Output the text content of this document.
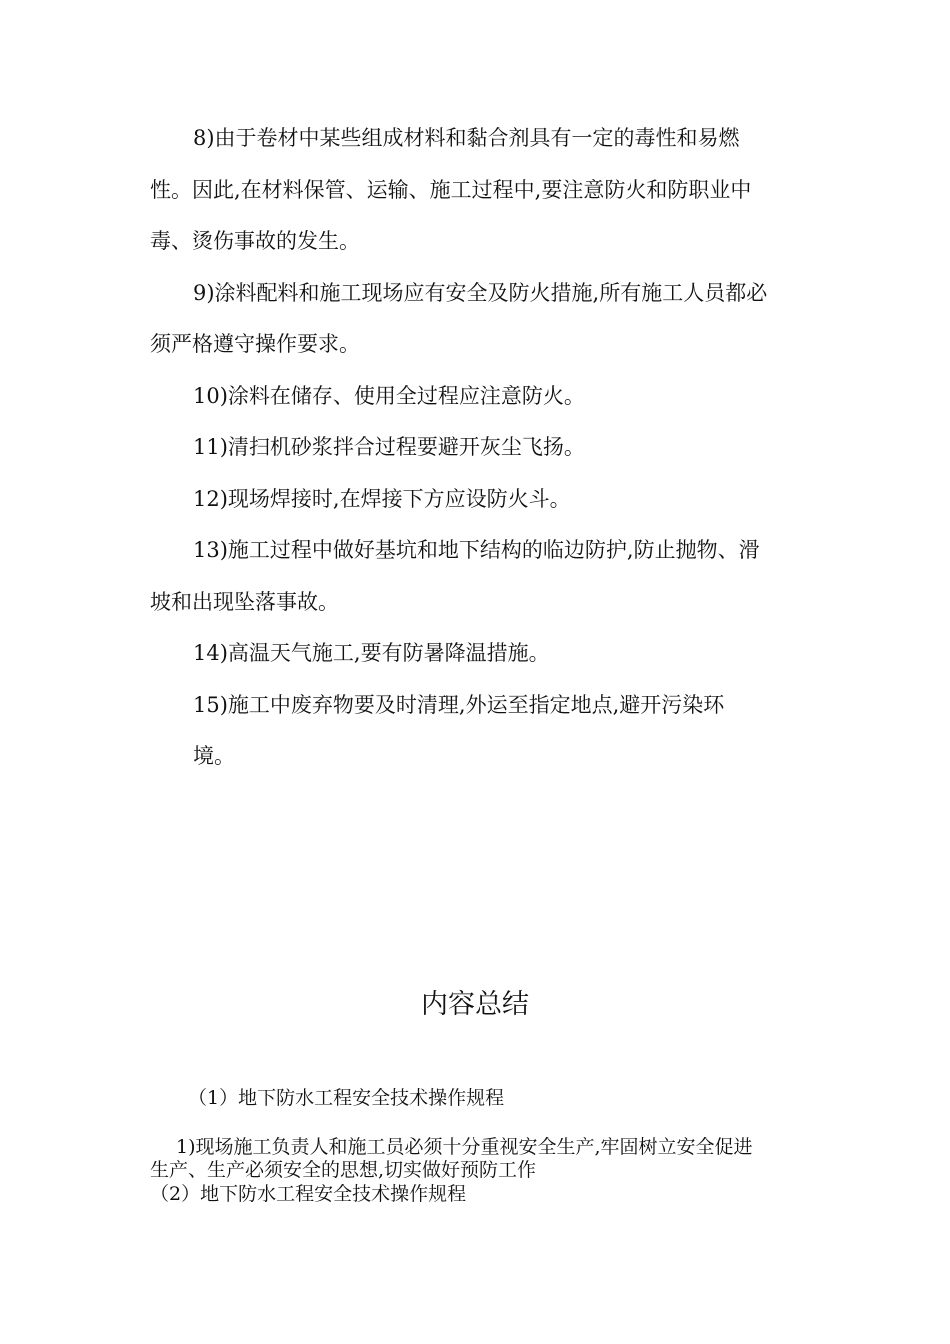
8)由于卷材中某些组成材料和黏合剂具有一定的毒性和易燃
性。因此,在材料保管、运输、施工过程中,要注意防火和防职业中
毒、烫伤事故的发生。
9)涂料配料和施工现场应有安全及防火措施,所有施工人员都必
须严格遵守操作要求。
10)涂料在储存、使用全过程应注意防火。
11)清扫机砂浆拌合过程要避开灰尘飞扬。
12)现场焊接时,在焊接下方应设防火斗。
13)施工过程中做好基坑和地下结构的临边防护,防止抛物、滑
坡和出现坠落事故。
14)高温天气施工,要有防暑降温措施。
15)施工中废弃物要及时清理,外运至指定地点,避开污染环
境。
内容总结
（1）地下防水工程安全技术操作规程
1)现场施工负责人和施工员必须十分重视安全生产,牢固树立安全促进
生产、生产必须安全的思想,切实做好预防工作
（2）地下防水工程安全技术操作规程
